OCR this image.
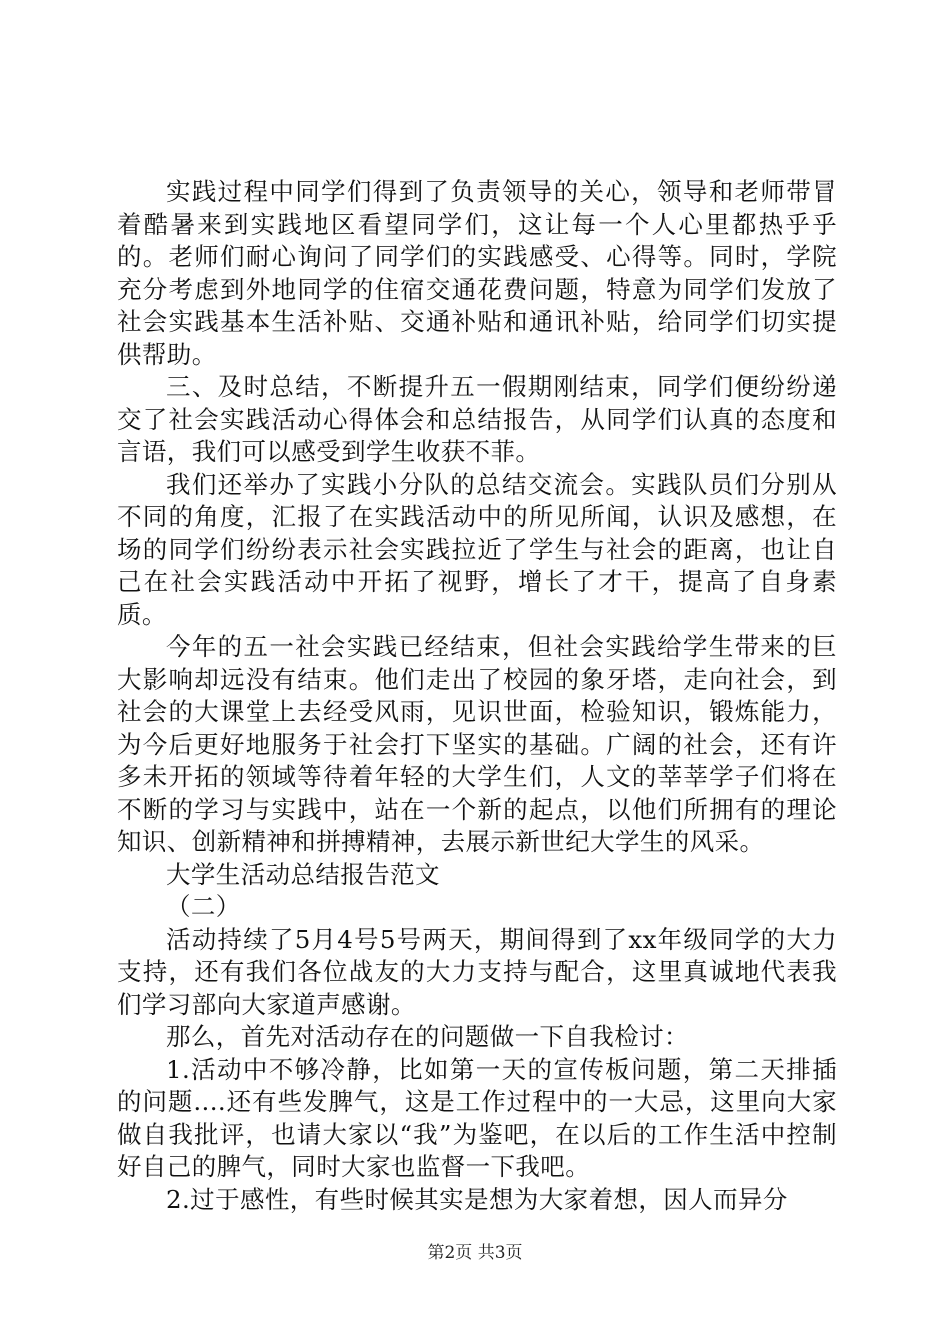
实践过程中同学们得到了负责领导的关心，领导和老师带冒着酷暑来到实践地区看望同学们，这让每一个人心里都热乎乎的。老师们耐心询问了同学们的实践感受、心得等。同时，学院充分考虑到外地同学的住宿交通花费问题，特意为同学们发放了社会实践基本生活补贴、交通补贴和通讯补贴，给同学们切实提供帮助。

三、及时总结，不断提升五一假期刚结束，同学们便纷纷递交了社会实践活动心得体会和总结报告，从同学们认真的态度和言语，我们可以感受到学生收获不菲。

我们还举办了实践小分队的总结交流会。实践队员们分别从不同的角度，汇报了在实践活动中的所见所闻，认识及感想，在场的同学们纷纷表示社会实践拉近了学生与社会的距离，也让自己在社会实践活动中开拓了视野，增长了才干，提高了自身素质。

今年的五一社会实践已经结束，但社会实践给学生带来的巨大影响却远没有结束。他们走出了校园的象牙塔，走向社会，到社会的大课堂上去经受风雨，见识世面，检验知识，锻炼能力，为今后更好地服务于社会打下坚实的基础。广阔的社会，还有许多未开拓的领域等待着年轻的大学生们，人文的莘莘学子们将在不断的学习与实践中，站在一个新的起点，以他们所拥有的理论知识、创新精神和拼搏精神，去展示新世纪大学生的风采。

大学生活动总结报告范文

（二）

活动持续了5月4号5号两天，期间得到了xx年级同学的大力支持，还有我们各位战友的大力支持与配合，这里真诚地代表我们学习部向大家道声感谢。

那么，首先对活动存在的问题做一下自我检讨：

1.活动中不够冷静，比如第一天的宣传板问题，第二天排插的问题....还有些发脾气，这是工作过程中的一大忌，这里向大家做自我批评，也请大家以“我”为鉴吧，在以后的工作生活中控制好自己的脾气，同时大家也监督一下我吧。

2.过于感性，有些时候其实是想为大家着想，因人而异分

第2页 共3页
